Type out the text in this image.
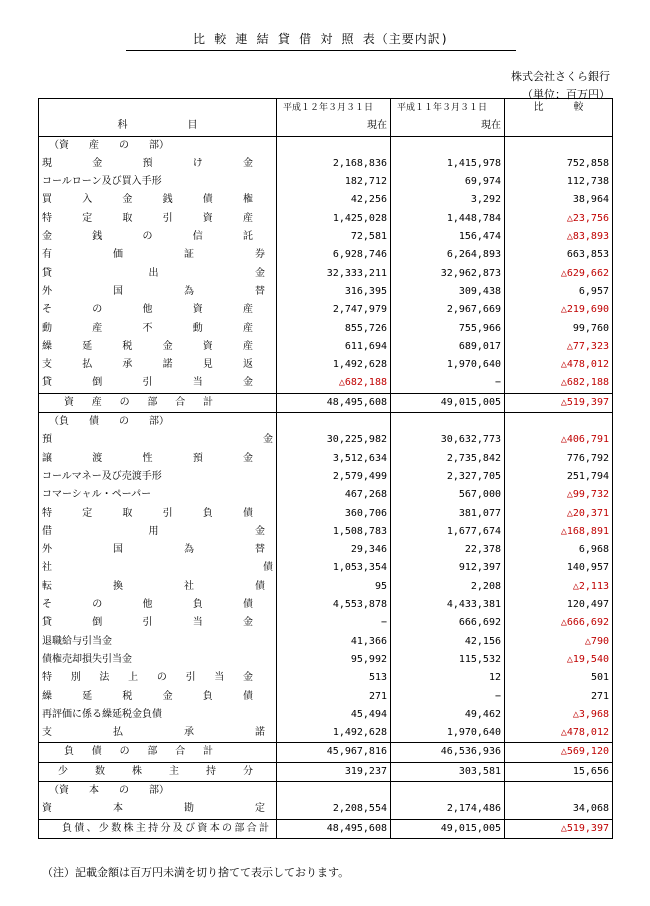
比 較 連 結 貸 借 対 照 表（主要内訳)
株式会社さくら銀行
（単位：百万円）
	平成１２年３月３１日	平成１１年３月３１日	比　　　較
科　　　　　　目	現在	現在	
（資　　産　　の　　部）			

現金預け金	2,168,836	1,415,978	752,858
コールローン及び買入手形	182,712	69,974	112,738

買入金銭債権	42,256	3,292	38,964

特定取引資産	1,425,028	1,448,784	△23,756

金銭の信託	72,581	156,474	△83,893

有価証券	6,928,746	6,264,893	663,853

貸出金	32,333,211	32,962,873	△629,662

外国為替	316,395	309,438	6,957

その他資産	2,747,979	2,967,669	△219,690

動産不動産	855,726	755,966	99,760

繰延税金資産	611,694	689,017	△77,323

支払承諾見返	1,492,628	1,970,640	△478,012

貸倒引当金	△682,188	−	△682,188

資産の部合計	48,495,608	49,015,005	△519,397
（負　　債　　の　　部）			

預金	30,225,982	30,632,773	△406,791

譲渡性預金	3,512,634	2,735,842	776,792
コールマネー及び売渡手形	2,579,499	2,327,705	251,794
コマーシャル・ペーパー	467,268	567,000	△99,732

特定取引負債	360,706	381,077	△20,371

借用金	1,508,783	1,677,674	△168,891

外国為替	29,346	22,378	6,968

社債	1,053,354	912,397	140,957

転換社債	95	2,208	△2,113

その他負債	4,553,878	4,433,381	120,497

貸倒引当金	−	666,692	△666,692
退職給与引当金	41,366	42,156	△790
債権売却損失引当金	95,992	115,532	△19,540

特別法上の引当金	513	12	501

繰延税金負債	271	−	271
再評価に係る繰延税金負債	45,494	49,462	△3,968

支払承諾	1,492,628	1,970,640	△478,012

負債の部合計	45,967,816	46,536,936	△569,120

少数株主持分	319,237	303,581	15,656
（資　　本　　の　　部）			

資本勘定	2,208,554	2,174,486	34,068

負債、少数株主持分及び資本の部合計	48,495,608	49,015,005	△519,397
（注）記載金額は百万円未満を切り捨てて表示しております。
